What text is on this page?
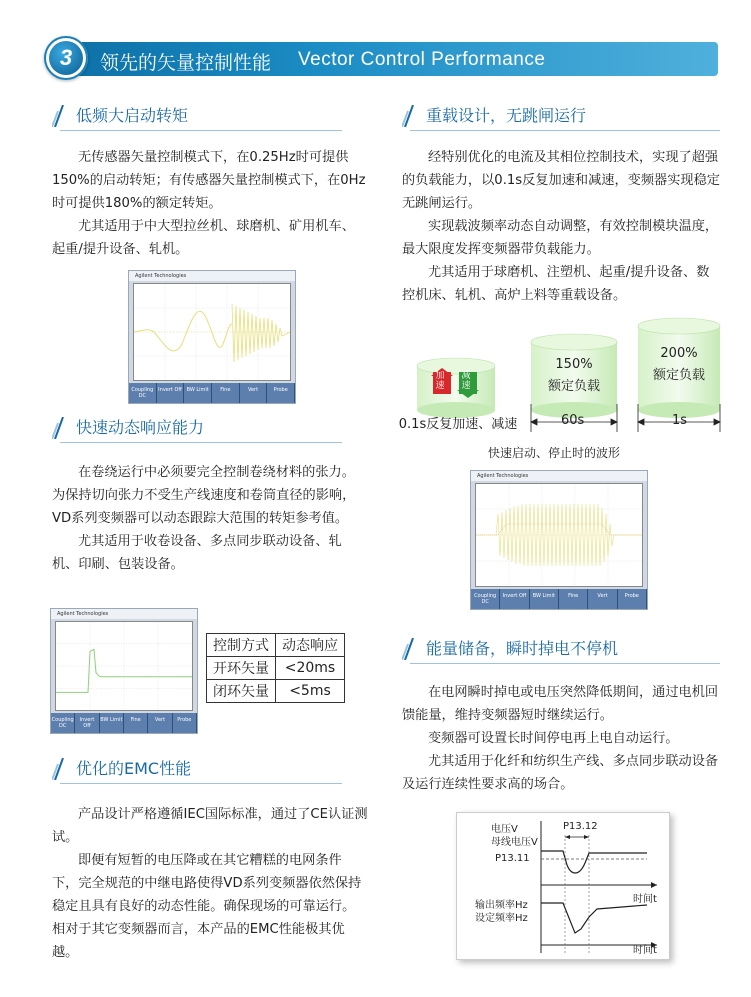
3	领先的矢量控制性能 Vector Control Performance
低频大启动转矩

无传感器矢量控制模式下，在0.25Hz时可提供150%的启动转矩；有传感器矢量控制模式下，在0Hz时可提供180%的额定转矩。

尤其适用于中大型拉丝机、球磨机、矿用机车、起重/提升设备、轧机。

Agilent Technologies
Coupling DC
Invert Off BW Limit	Fine	Vert	Probe
快速动态响应能力

在卷绕运行中必须要完全控制卷绕材料的张力。为保持切向张力不受生产线速度和卷筒直径的影响，VD系列变频器可以动态跟踪大范围的转矩参考值。

尤其适用于收卷设备、多点同步联动设备、轧机、印刷、包装设备。

Agilent Technologies
Coupling DC
Invert Off
BW Limit	Fine	Vert	Probe
控制方式	动态响应
开环矢量	<20ms
闭环矢量	<5ms
优化的EMC性能

产品设计严格遵循IEC国际标准，通过了CE认证测试。

即便有短暂的电压降或在其它糟糕的电网条件下，完全规范的中继电路使得VD系列变频器依然保持稳定且具有良好的动态性能。确保现场的可靠运行。相对于其它变频器而言，本产品的EMC性能极其优越。

重载设计，无跳闸运行

经特别优化的电流及其相位控制技术，实现了超强的负载能力，以0.1s反复加速和减速，变频器实现稳定无跳闸运行。

实现载波频率动态自动调整，有效控制模块温度，最大限度发挥变频器带负载能力。

尤其适用于球磨机、注塑机、起重/提升设备、数控机床、轧机、高炉上料等重载设备。

加速
减速
0.1s反复加速、减速
150%
额定负载
200%
额定负载
60s	1s
快速启动、停止时的波形
Agilent Technologies
Coupling DC
Invert Off	BW Limit	Fine	Vert	Probe
能量储备，瞬时掉电不停机

在电网瞬时掉电或电压突然降低期间，通过电机回馈能量，维持变频器短时继续运行。

变频器可设置长时间停电再上电自动运行。

尤其适用于化纤和纺织生产线、多点同步联动设备及运行连续性要求高的场合。

电压V
母线电压V
P13.12
P13.11
时间t
输出频率Hz
设定频率Hz
时间t
